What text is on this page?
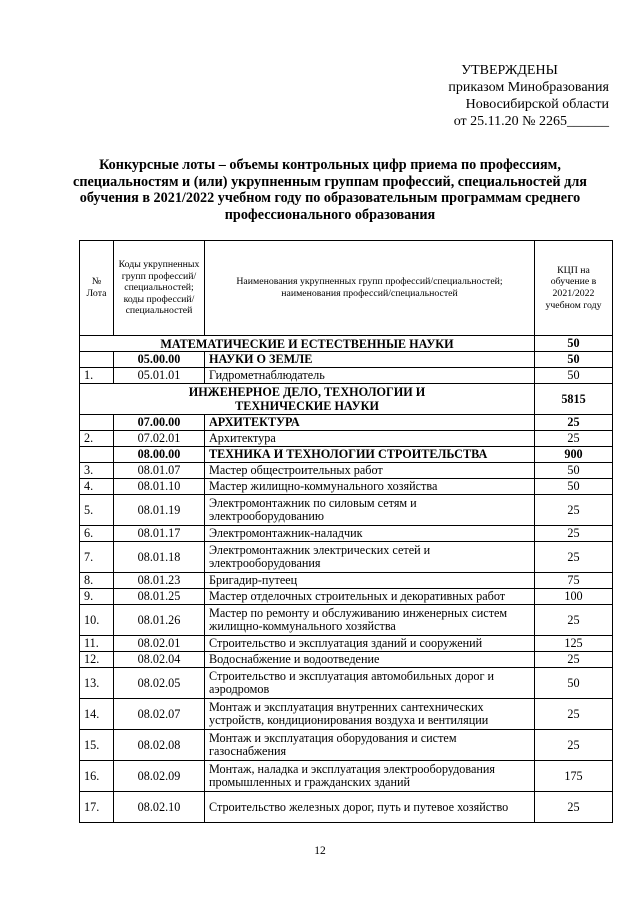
УТВЕРЖДЕНЫ
приказом Минобразования
Новосибирской области
от 25.11.20 № 2265______
Конкурсные лоты – объемы контрольных цифр приема по профессиям, специальностям и (или) укрупненным группам профессий, специальностей для обучения в 2021/2022 учебном году по образовательным программам среднего профессионального образования
№ Лота	Коды укрупненных групп профессий/ специальностей; коды профессий/ специальностей	Наименования укрупненных групп профессий/специальностей; наименования профессий/специальностей	КЦП на обучение в 2021/2022 учебном году
МАТЕМАТИЧЕСКИЕ И ЕСТЕСТВЕННЫЕ НАУКИ			50
	05.00.00	НАУКИ О ЗЕМЛЕ	50
1.	05.01.01	Гидрометнаблюдатель	50
ИНЖЕНЕРНОЕ ДЕЛО, ТЕХНОЛОГИИ И ТЕХНИЧЕСКИЕ НАУКИ			5815
	07.00.00	АРХИТЕКТУРА	25
2.	07.02.01	Архитектура	25
	08.00.00	ТЕХНИКА И ТЕХНОЛОГИИ СТРОИТЕЛЬСТВА	900
3.	08.01.07	Мастер общестроительных работ	50
4.	08.01.10	Мастер жилищно-коммунального хозяйства	50
5.	08.01.19	Электромонтажник по силовым сетям и электрооборудованию	25
6.	08.01.17	Электромонтажник-наладчик	25
7.	08.01.18	Электромонтажник электрических сетей и электрооборудования	25
8.	08.01.23	Бригадир-путеец	75
9.	08.01.25	Мастер отделочных строительных и декоративных работ	100
10.	08.01.26	Мастер по ремонту и обслуживанию инженерных систем жилищно-коммунального хозяйства	25
11.	08.02.01	Строительство и эксплуатация зданий и сооружений	125
12.	08.02.04	Водоснабжение и водоотведение	25
13.	08.02.05	Строительство и эксплуатация автомобильных дорог и аэродромов	50
14.	08.02.07	Монтаж и эксплуатация внутренних сантехнических устройств, кондиционирования воздуха и вентиляции	25
15.	08.02.08	Монтаж и эксплуатация оборудования и систем газоснабжения	25
16.	08.02.09	Монтаж, наладка и эксплуатация электрооборудования промышленных и гражданских зданий	175
17.	08.02.10	Строительство железных дорог, путь и путевое хозяйство	25
12
